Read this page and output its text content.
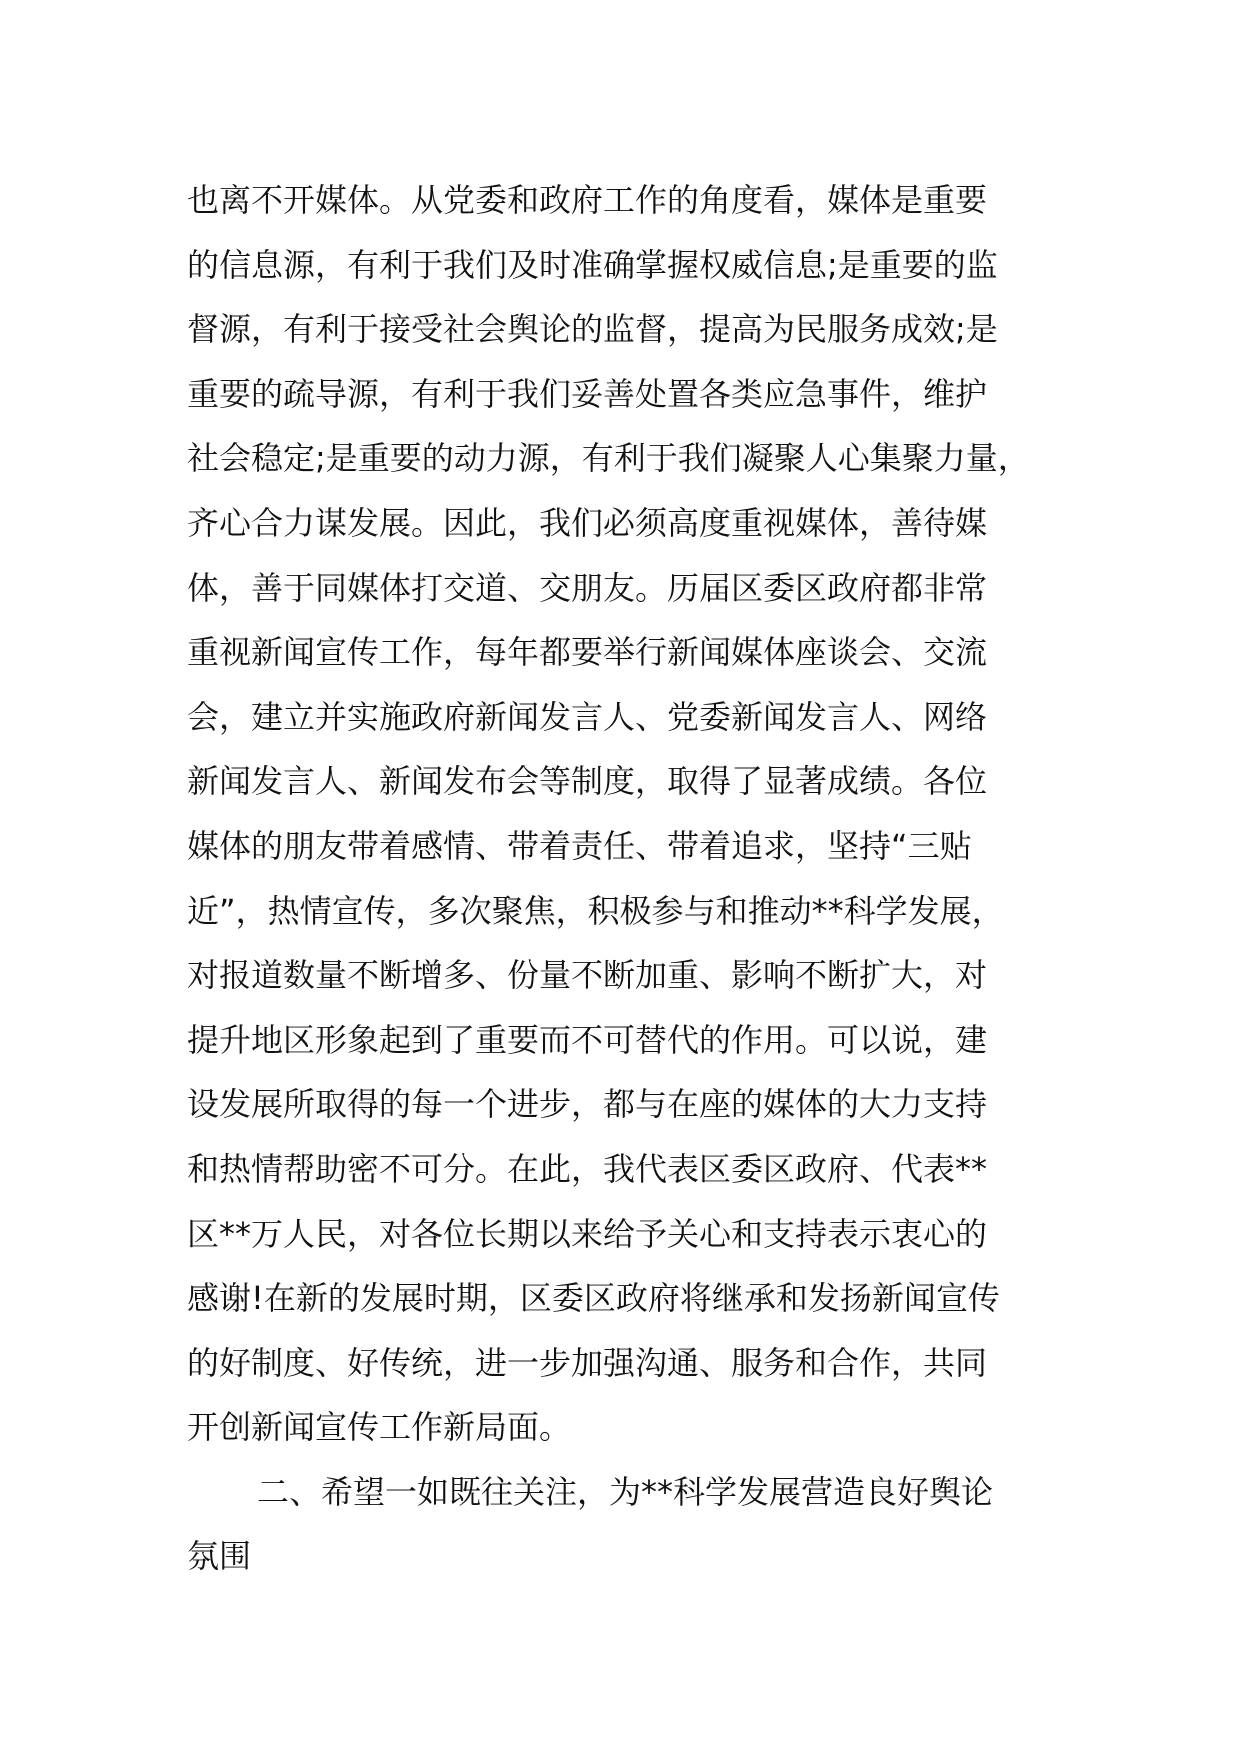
也离不开媒体。从党委和政府工作的角度看，媒体是重要
的信息源，有利于我们及时准确掌握权威信息;是重要的监
督源，有利于接受社会舆论的监督，提高为民服务成效;是
重要的疏导源，有利于我们妥善处置各类应急事件，维护
社会稳定;是重要的动力源，有利于我们凝聚人心集聚力量，
齐心合力谋发展。因此，我们必须高度重视媒体，善待媒
体，善于同媒体打交道、交朋友。历届区委区政府都非常
重视新闻宣传工作，每年都要举行新闻媒体座谈会、交流
会，建立并实施政府新闻发言人、党委新闻发言人、网络
新闻发言人、新闻发布会等制度，取得了显著成绩。各位
媒体的朋友带着感情、带着责任、带着追求，坚持“三贴
近”，热情宣传，多次聚焦，积极参与和推动**科学发展，
对报道数量不断增多、份量不断加重、影响不断扩大，对
提升地区形象起到了重要而不可替代的作用。可以说，建
设发展所取得的每一个进步，都与在座的媒体的大力支持
和热情帮助密不可分。在此，我代表区委区政府、代表**
区**万人民，对各位长期以来给予关心和支持表示衷心的
感谢!在新的发展时期，区委区政府将继承和发扬新闻宣传
的好制度、好传统，进一步加强沟通、服务和合作，共同
开创新闻宣传工作新局面。
二、希望一如既往关注，为**科学发展营造良好舆论
氛围
